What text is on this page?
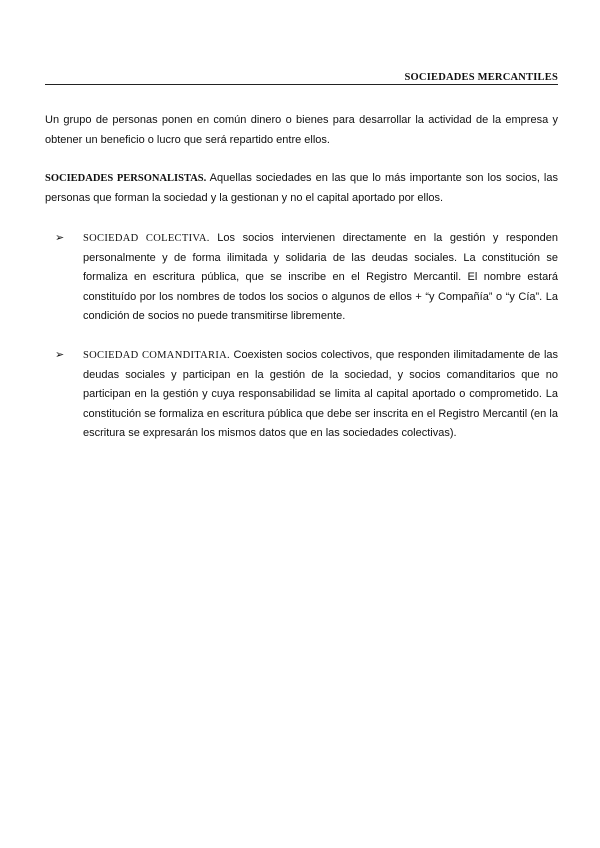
SOCIEDADES MERCANTILES

Un grupo de personas ponen en común dinero o bienes para desarrollar la actividad de la empresa y obtener un beneficio o lucro que será repartido entre ellos.

SOCIEDADES PERSONALISTAS. Aquellas sociedades en las que lo más importante son los socios, las personas que forman la sociedad y la gestionan y no el capital aportado por ellos.

➢ SOCIEDAD COLECTIVA. Los socios intervienen directamente en la gestión y responden personalmente y de forma ilimitada y solidaria de las deudas sociales. La constitución se formaliza en escritura pública, que se inscribe en el Registro Mercantil. El nombre estará constituído por los nombres de todos los socios o algunos de ellos + “y Compañía” o “y Cía”. La condición de socios no puede transmitirse libremente.
➢ SOCIEDAD COMANDITARIA. Coexisten socios colectivos, que responden ilimitadamente de las deudas sociales y participan en la gestión de la sociedad, y socios comanditarios que no participan en la gestión y cuya responsabilidad se limita al capital aportado o comprometido. La constitución se formaliza en escritura pública que debe ser inscrita en el Registro Mercantil (en la escritura se expresarán los mismos datos que en las sociedades colectivas).
